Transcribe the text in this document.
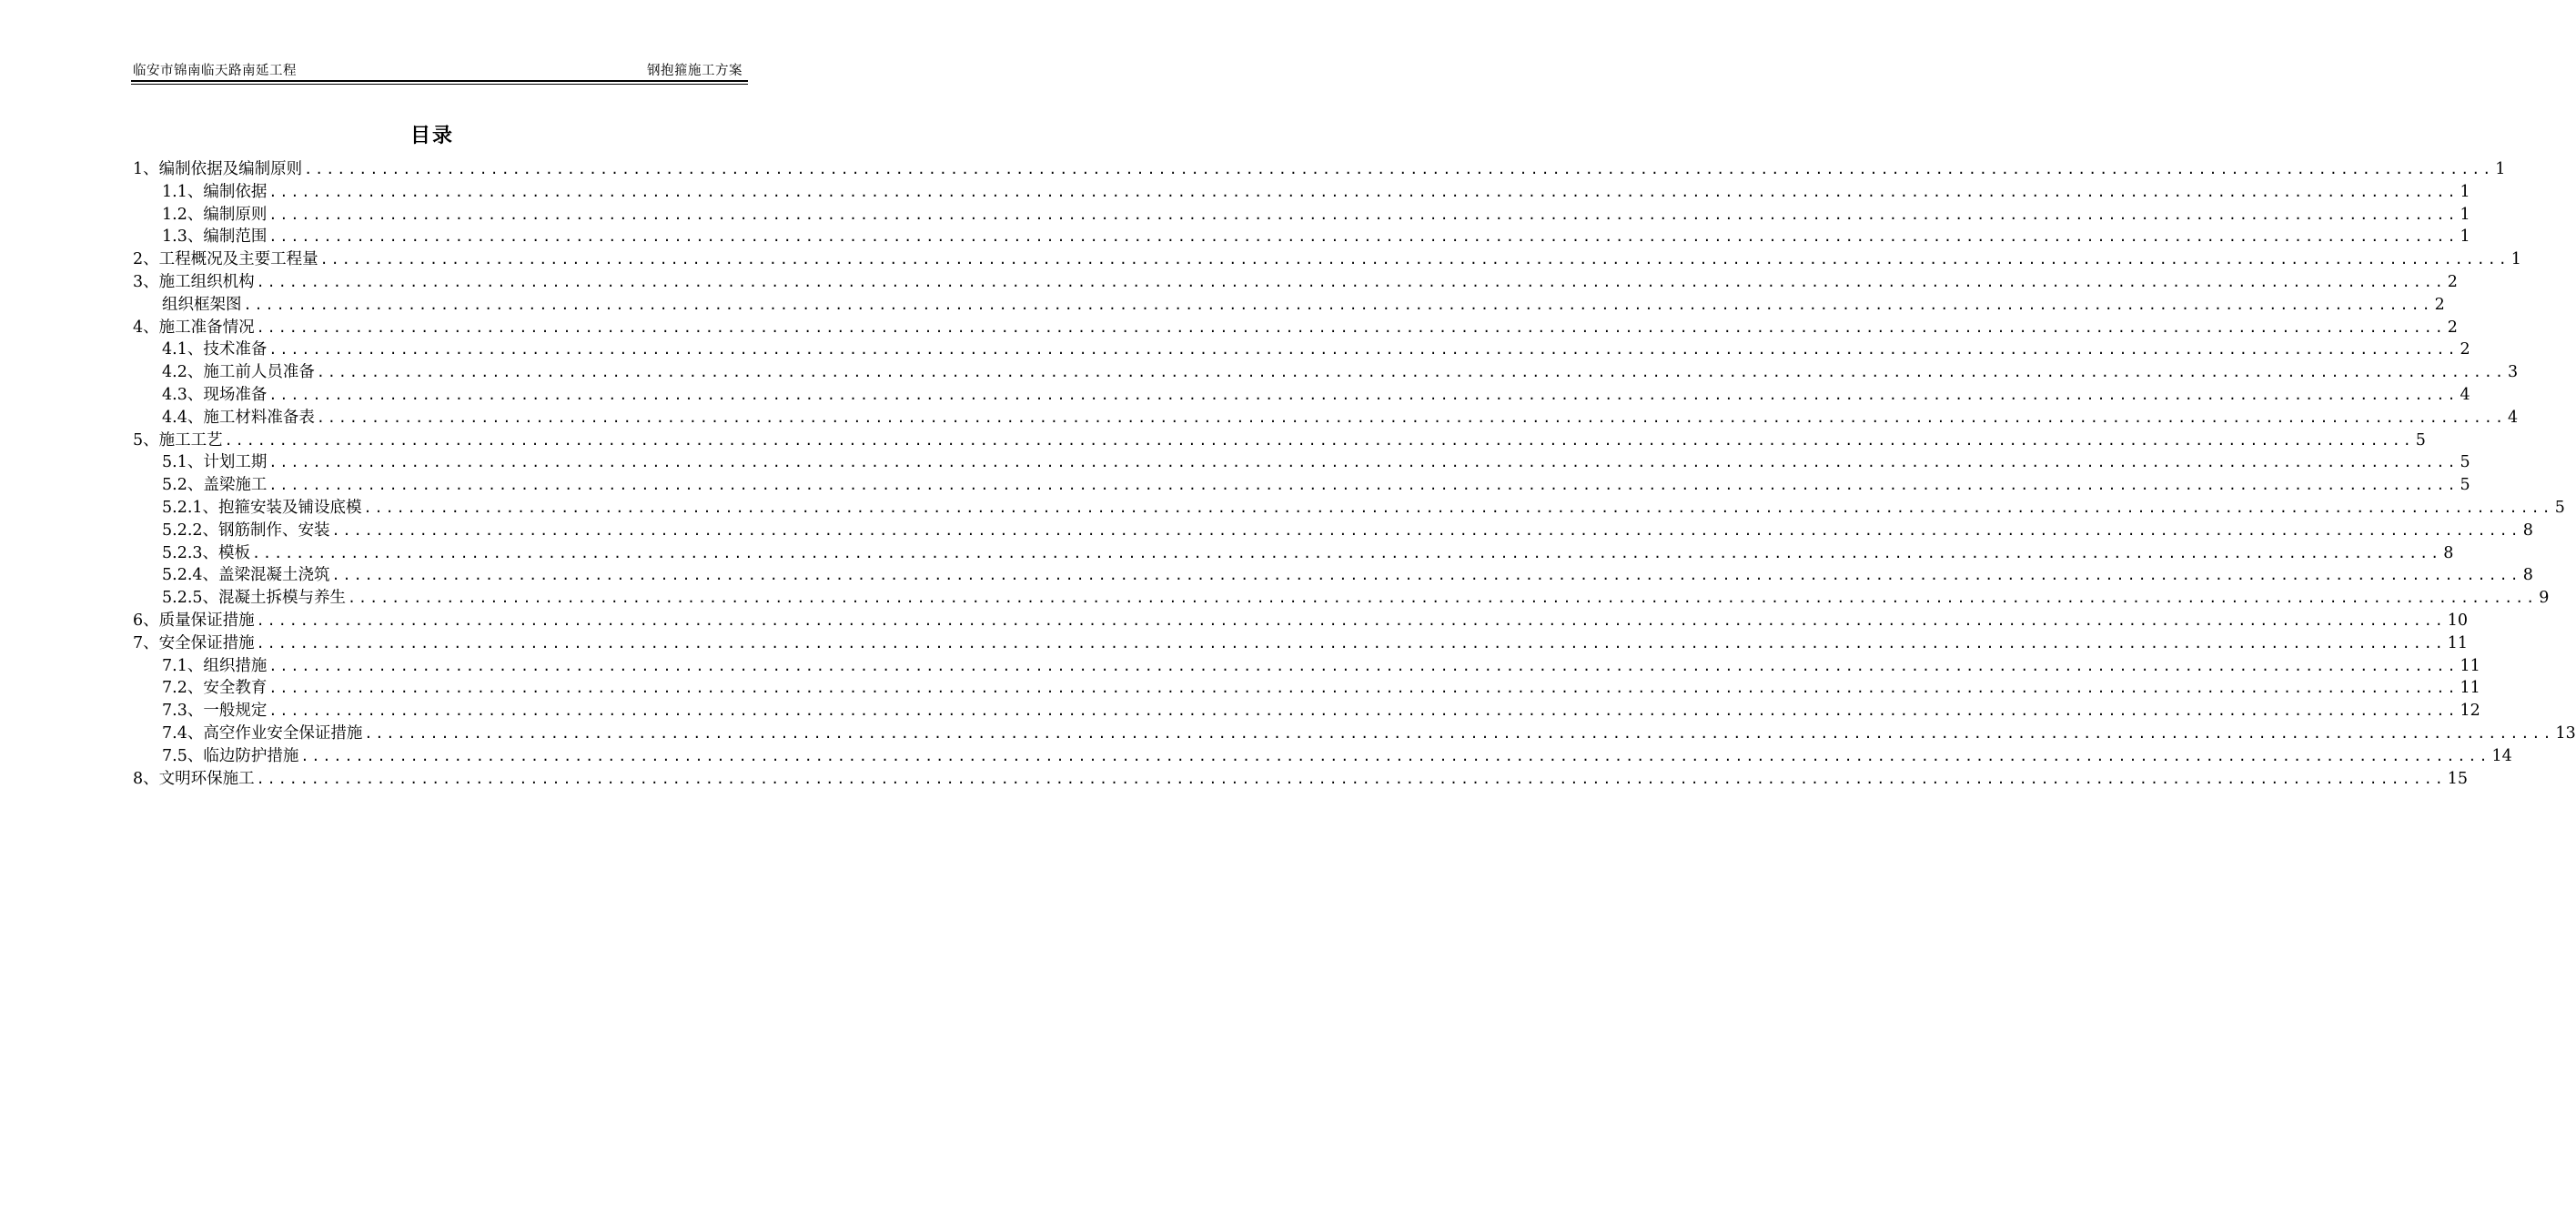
临安市锦南临天路南延工程	钢抱箍施工方案
目录
1、编制依据及编制原则 ........................................................................................................................................................................................................ 1
1.1、编制依据 ........................................................................................................................................................................................................ 1
1.2、编制原则 ........................................................................................................................................................................................................ 1
1.3、编制范围 ........................................................................................................................................................................................................ 1
2、工程概况及主要工程量 ........................................................................................................................................................................................................ 1
3、施工组织机构 ........................................................................................................................................................................................................ 2
组织框架图 ........................................................................................................................................................................................................ 2
4、施工准备情况 ........................................................................................................................................................................................................ 2
4.1、技术准备 ........................................................................................................................................................................................................ 2
4.2、施工前人员准备 ........................................................................................................................................................................................................ 3
4.3、现场准备 ........................................................................................................................................................................................................ 4
4.4、施工材料准备表 ........................................................................................................................................................................................................ 4
5、施工工艺 ........................................................................................................................................................................................................ 5
5.1、计划工期 ........................................................................................................................................................................................................ 5
5.2、盖梁施工 ........................................................................................................................................................................................................ 5
5.2.1、抱箍安装及铺设底模 ........................................................................................................................................................................................................ 5
5.2.2、钢筋制作、安装 ........................................................................................................................................................................................................ 8
5.2.3、模板 ........................................................................................................................................................................................................ 8
5.2.4、盖梁混凝土浇筑 ........................................................................................................................................................................................................ 8
5.2.5、混凝土拆模与养生 ........................................................................................................................................................................................................ 9
6、质量保证措施 ........................................................................................................................................................................................................ 10
7、安全保证措施 ........................................................................................................................................................................................................ 11
7.1、组织措施 ........................................................................................................................................................................................................ 11
7.2、安全教育 ........................................................................................................................................................................................................ 11
7.3、一般规定 ........................................................................................................................................................................................................ 12
7.4、高空作业安全保证措施 ........................................................................................................................................................................................................ 13
7.5、临边防护措施 ........................................................................................................................................................................................................ 14
8、文明环保施工 ........................................................................................................................................................................................................ 15
